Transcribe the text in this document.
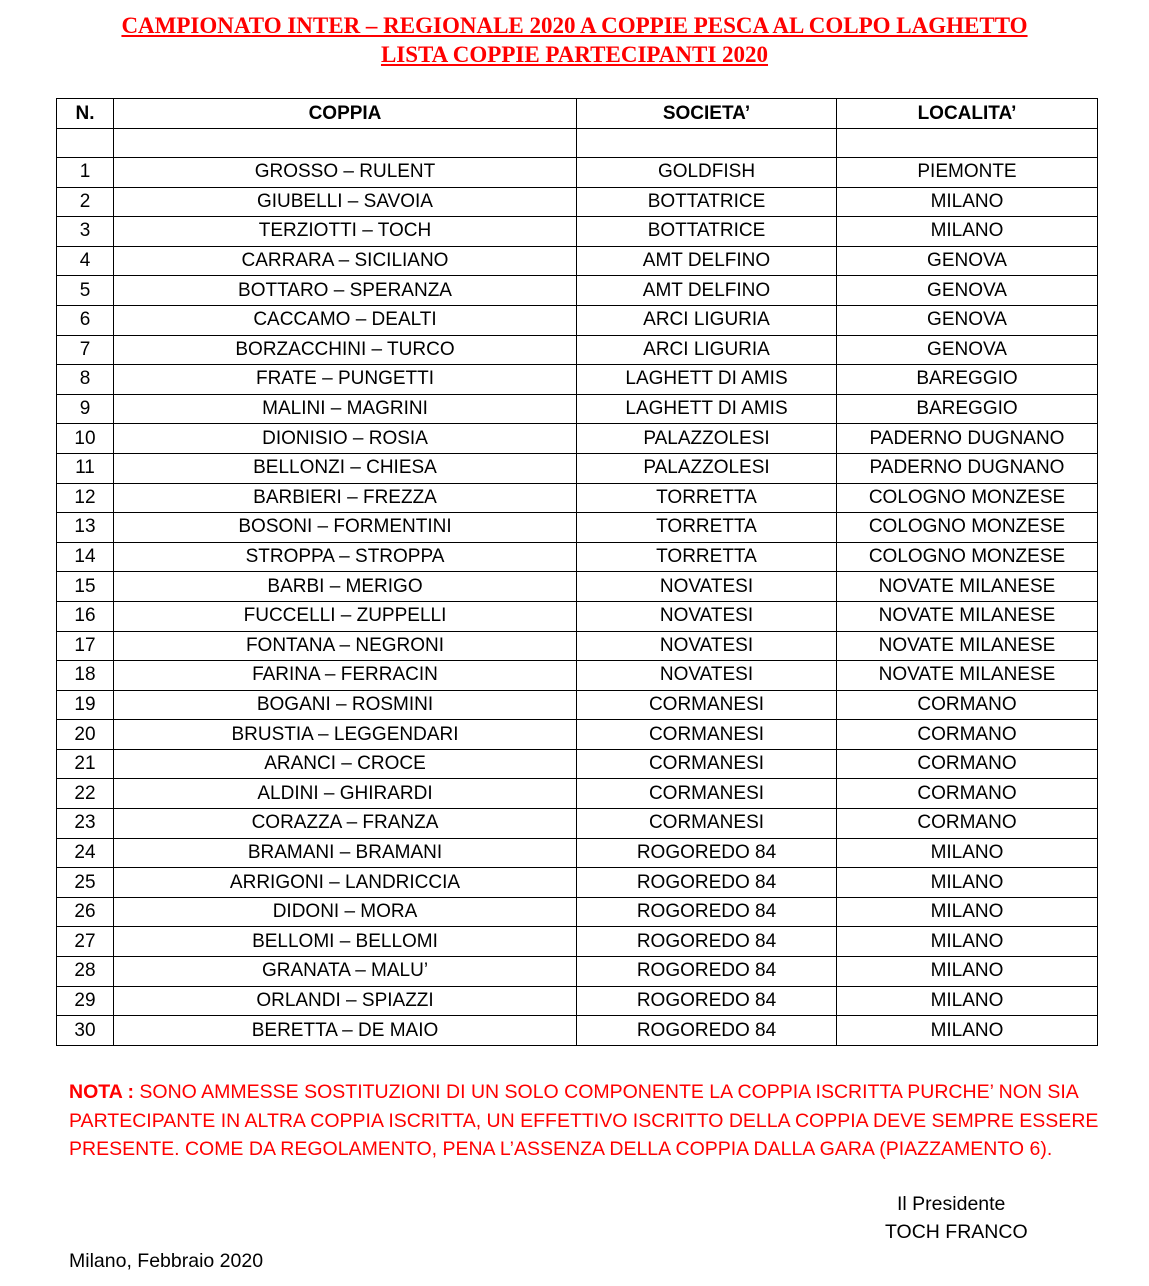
CAMPIONATO INTER – REGIONALE 2020 A COPPIE PESCA AL COLPO LAGHETTO
LISTA COPPIE PARTECIPANTI 2020
N.	COPPIA	SOCIETA’	LOCALITA’

1	GROSSO – RULENT	GOLDFISH	PIEMONTE
2	GIUBELLI – SAVOIA	BOTTATRICE	MILANO
3	TERZIOTTI – TOCH	BOTTATRICE	MILANO
4	CARRARA – SICILIANO	AMT DELFINO	GENOVA
5	BOTTARO – SPERANZA	AMT DELFINO	GENOVA
6	CACCAMO – DEALTI	ARCI LIGURIA	GENOVA
7	BORZACCHINI – TURCO	ARCI LIGURIA	GENOVA
8	FRATE – PUNGETTI	LAGHETT DI AMIS	BAREGGIO
9	MALINI – MAGRINI	LAGHETT DI AMIS	BAREGGIO
10	DIONISIO – ROSIA	PALAZZOLESI	PADERNO DUGNANO
11	BELLONZI – CHIESA	PALAZZOLESI	PADERNO DUGNANO
12	BARBIERI – FREZZA	TORRETTA	COLOGNO MONZESE
13	BOSONI – FORMENTINI	TORRETTA	COLOGNO MONZESE
14	STROPPA – STROPPA	TORRETTA	COLOGNO MONZESE
15	BARBI – MERIGO	NOVATESI	NOVATE MILANESE
16	FUCCELLI – ZUPPELLI	NOVATESI	NOVATE MILANESE
17	FONTANA – NEGRONI	NOVATESI	NOVATE MILANESE
18	FARINA – FERRACIN	NOVATESI	NOVATE MILANESE
19	BOGANI – ROSMINI	CORMANESI	CORMANO
20	BRUSTIA – LEGGENDARI	CORMANESI	CORMANO
21	ARANCI – CROCE	CORMANESI	CORMANO
22	ALDINI – GHIRARDI	CORMANESI	CORMANO
23	CORAZZA – FRANZA	CORMANESI	CORMANO
24	BRAMANI – BRAMANI	ROGOREDO 84	MILANO
25	ARRIGONI – LANDRICCIA	ROGOREDO 84	MILANO
26	DIDONI – MORA	ROGOREDO 84	MILANO
27	BELLOMI – BELLOMI	ROGOREDO 84	MILANO
28	GRANATA – MALU’	ROGOREDO 84	MILANO
29	ORLANDI – SPIAZZI	ROGOREDO 84	MILANO
30	BERETTA – DE MAIO	ROGOREDO 84	MILANO

NOTA : SONO AMMESSE SOSTITUZIONI DI UN SOLO COMPONENTE LA COPPIA ISCRITTA PURCHE’ NON SIA
PARTECIPANTE IN ALTRA COPPIA ISCRITTA, UN EFFETTIVO ISCRITTO DELLA COPPIA DEVE SEMPRE ESSERE
PRESENTE. COME DA REGOLAMENTO, PENA L’ASSENZA DELLA COPPIA DALLA GARA (PIAZZAMENTO 6).

Il Presidente
TOCH FRANCO
Milano, Febbraio 2020
